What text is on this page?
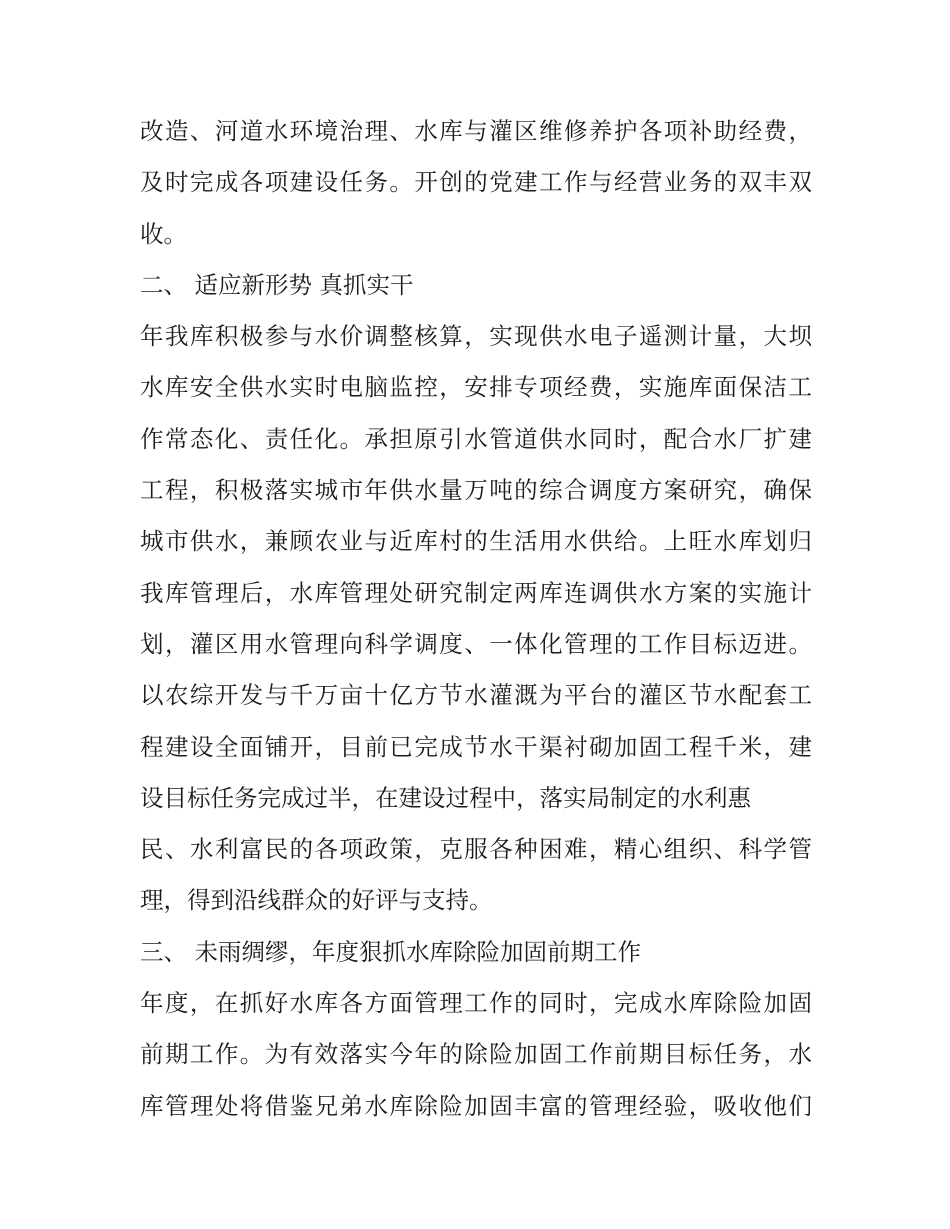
改造、河道水环境治理、水库与灌区维修养护各项补助经费，
及时完成各项建设任务。开创的党建工作与经营业务的双丰双
收。
二、 适应新形势 真抓实干
年我库积极参与水价调整核算，实现供水电子遥测计量，大坝
水库安全供水实时电脑监控，安排专项经费，实施库面保洁工
作常态化、责任化。承担原引水管道供水同时，配合水厂扩建
工程，积极落实城市年供水量万吨的综合调度方案研究，确保
城市供水，兼顾农业与近库村的生活用水供给。上旺水库划归
我库管理后，水库管理处研究制定两库连调供水方案的实施计
划，灌区用水管理向科学调度、一体化管理的工作目标迈进。
以农综开发与千万亩十亿方节水灌溉为平台的灌区节水配套工
程建设全面铺开，目前已完成节水干渠衬砌加固工程千米，建
设目标任务完成过半，在建设过程中，落实局制定的水利惠
民、水利富民的各项政策，克服各种困难，精心组织、科学管
理，得到沿线群众的好评与支持。
三、 未雨绸缪，年度狠抓水库除险加固前期工作
年度，在抓好水库各方面管理工作的同时，完成水库除险加固
前期工作。为有效落实今年的除险加固工作前期目标任务，水
库管理处将借鉴兄弟水库除险加固丰富的管理经验，吸收他们
